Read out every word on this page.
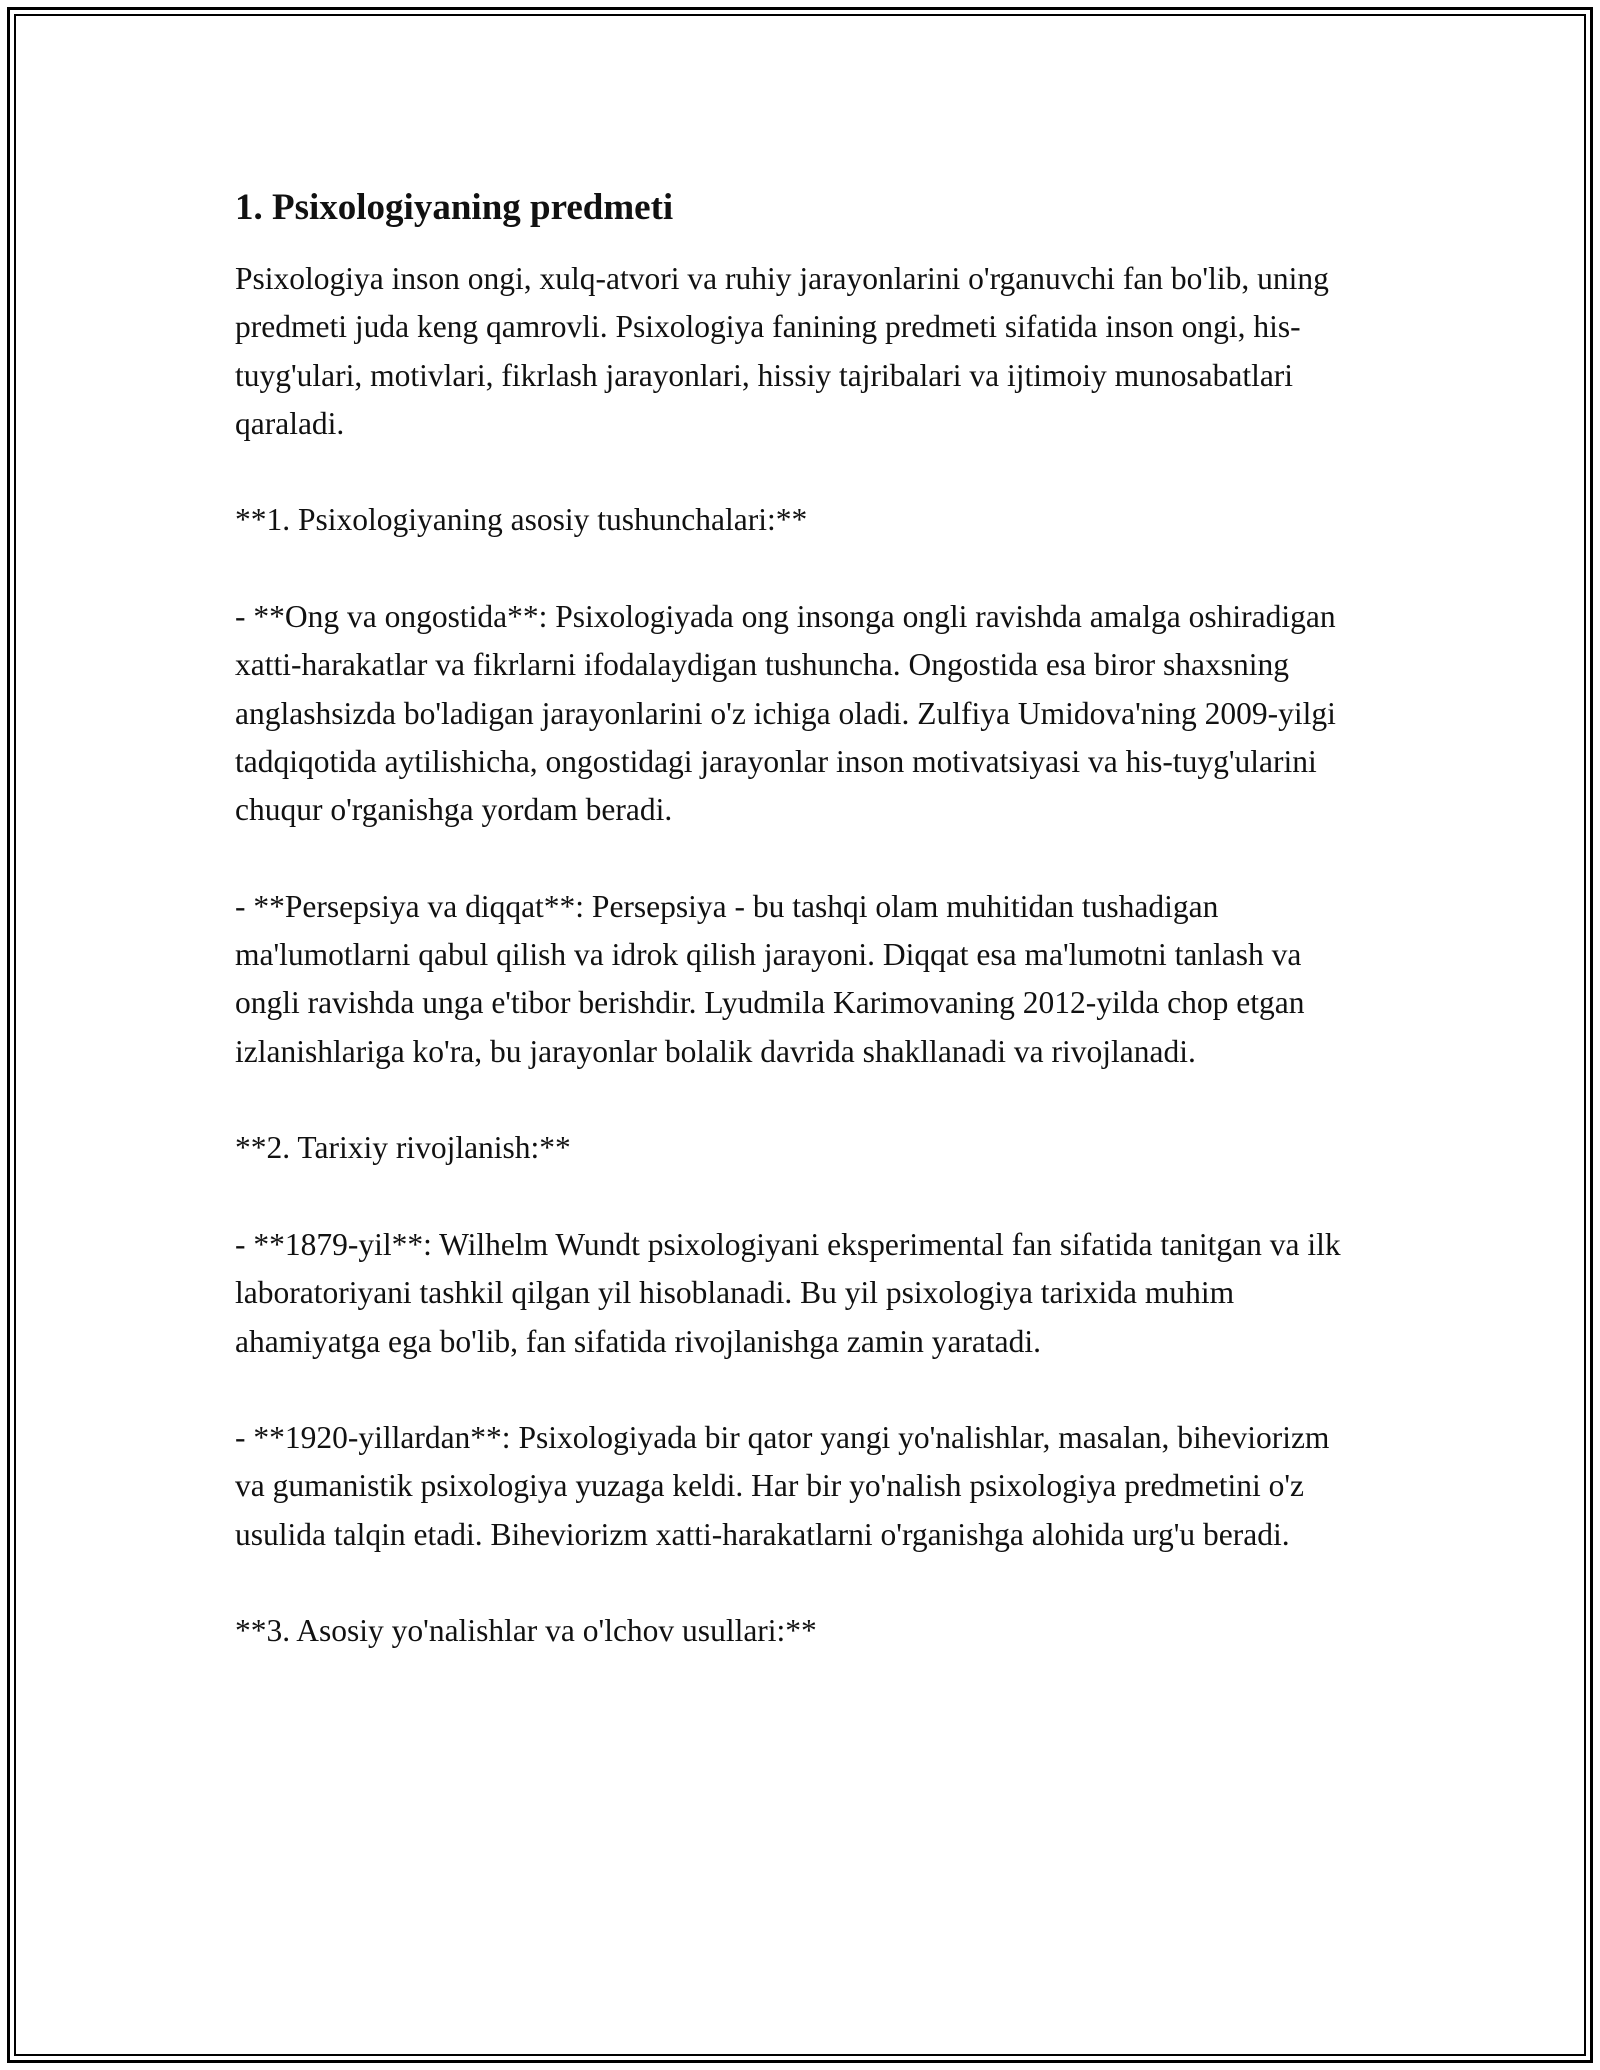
1. Psixologiyaning predmeti

Psixologiya inson ongi, xulq-atvori va ruhiy jarayonlarini o'rganuvchi fan bo'lib, uning predmeti juda keng qamrovli. Psixologiya fanining predmeti sifatida inson ongi, his-tuyg'ulari, motivlari, fikrlash jarayonlari, hissiy tajribalari va ijtimoiy munosabatlari qaraladi.

**1. Psixologiyaning asosiy tushunchalari:**

- **Ong va ongostida**: Psixologiyada ong insonga ongli ravishda amalga oshiradigan xatti-harakatlar va fikrlarni ifodalaydigan tushuncha. Ongostida esa biror shaxsning anglashsizda bo'ladigan jarayonlarini o'z ichiga oladi. Zulfiya Umidova'ning 2009-yilgi tadqiqotida aytilishicha, ongostidagi jarayonlar inson motivatsiyasi va his-tuyg'ularini chuqur o'rganishga yordam beradi.

- **Persepsiya va diqqat**: Persepsiya - bu tashqi olam muhitidan tushadigan ma'lumotlarni qabul qilish va idrok qilish jarayoni. Diqqat esa ma'lumotni tanlash va ongli ravishda unga e'tibor berishdir. Lyudmila Karimovaning 2012-yilda chop etgan izlanishlariga ko'ra, bu jarayonlar bolalik davrida shakllanadi va rivojlanadi.

**2. Tarixiy rivojlanish:**

- **1879-yil**: Wilhelm Wundt psixologiyani eksperimental fan sifatida tanitgan va ilk laboratoriyani tashkil qilgan yil hisoblanadi. Bu yil psixologiya tarixida muhim ahamiyatga ega bo'lib, fan sifatida rivojlanishga zamin yaratadi.

- **1920-yillardan**: Psixologiyada bir qator yangi yo'nalishlar, masalan, biheviorizm va gumanistik psixologiya yuzaga keldi. Har bir yo'nalish psixologiya predmetini o'z usulida talqin etadi. Biheviorizm xatti-harakatlarni o'rganishga alohida urg'u beradi.

**3. Asosiy yo'nalishlar va o'lchov usullari:**
